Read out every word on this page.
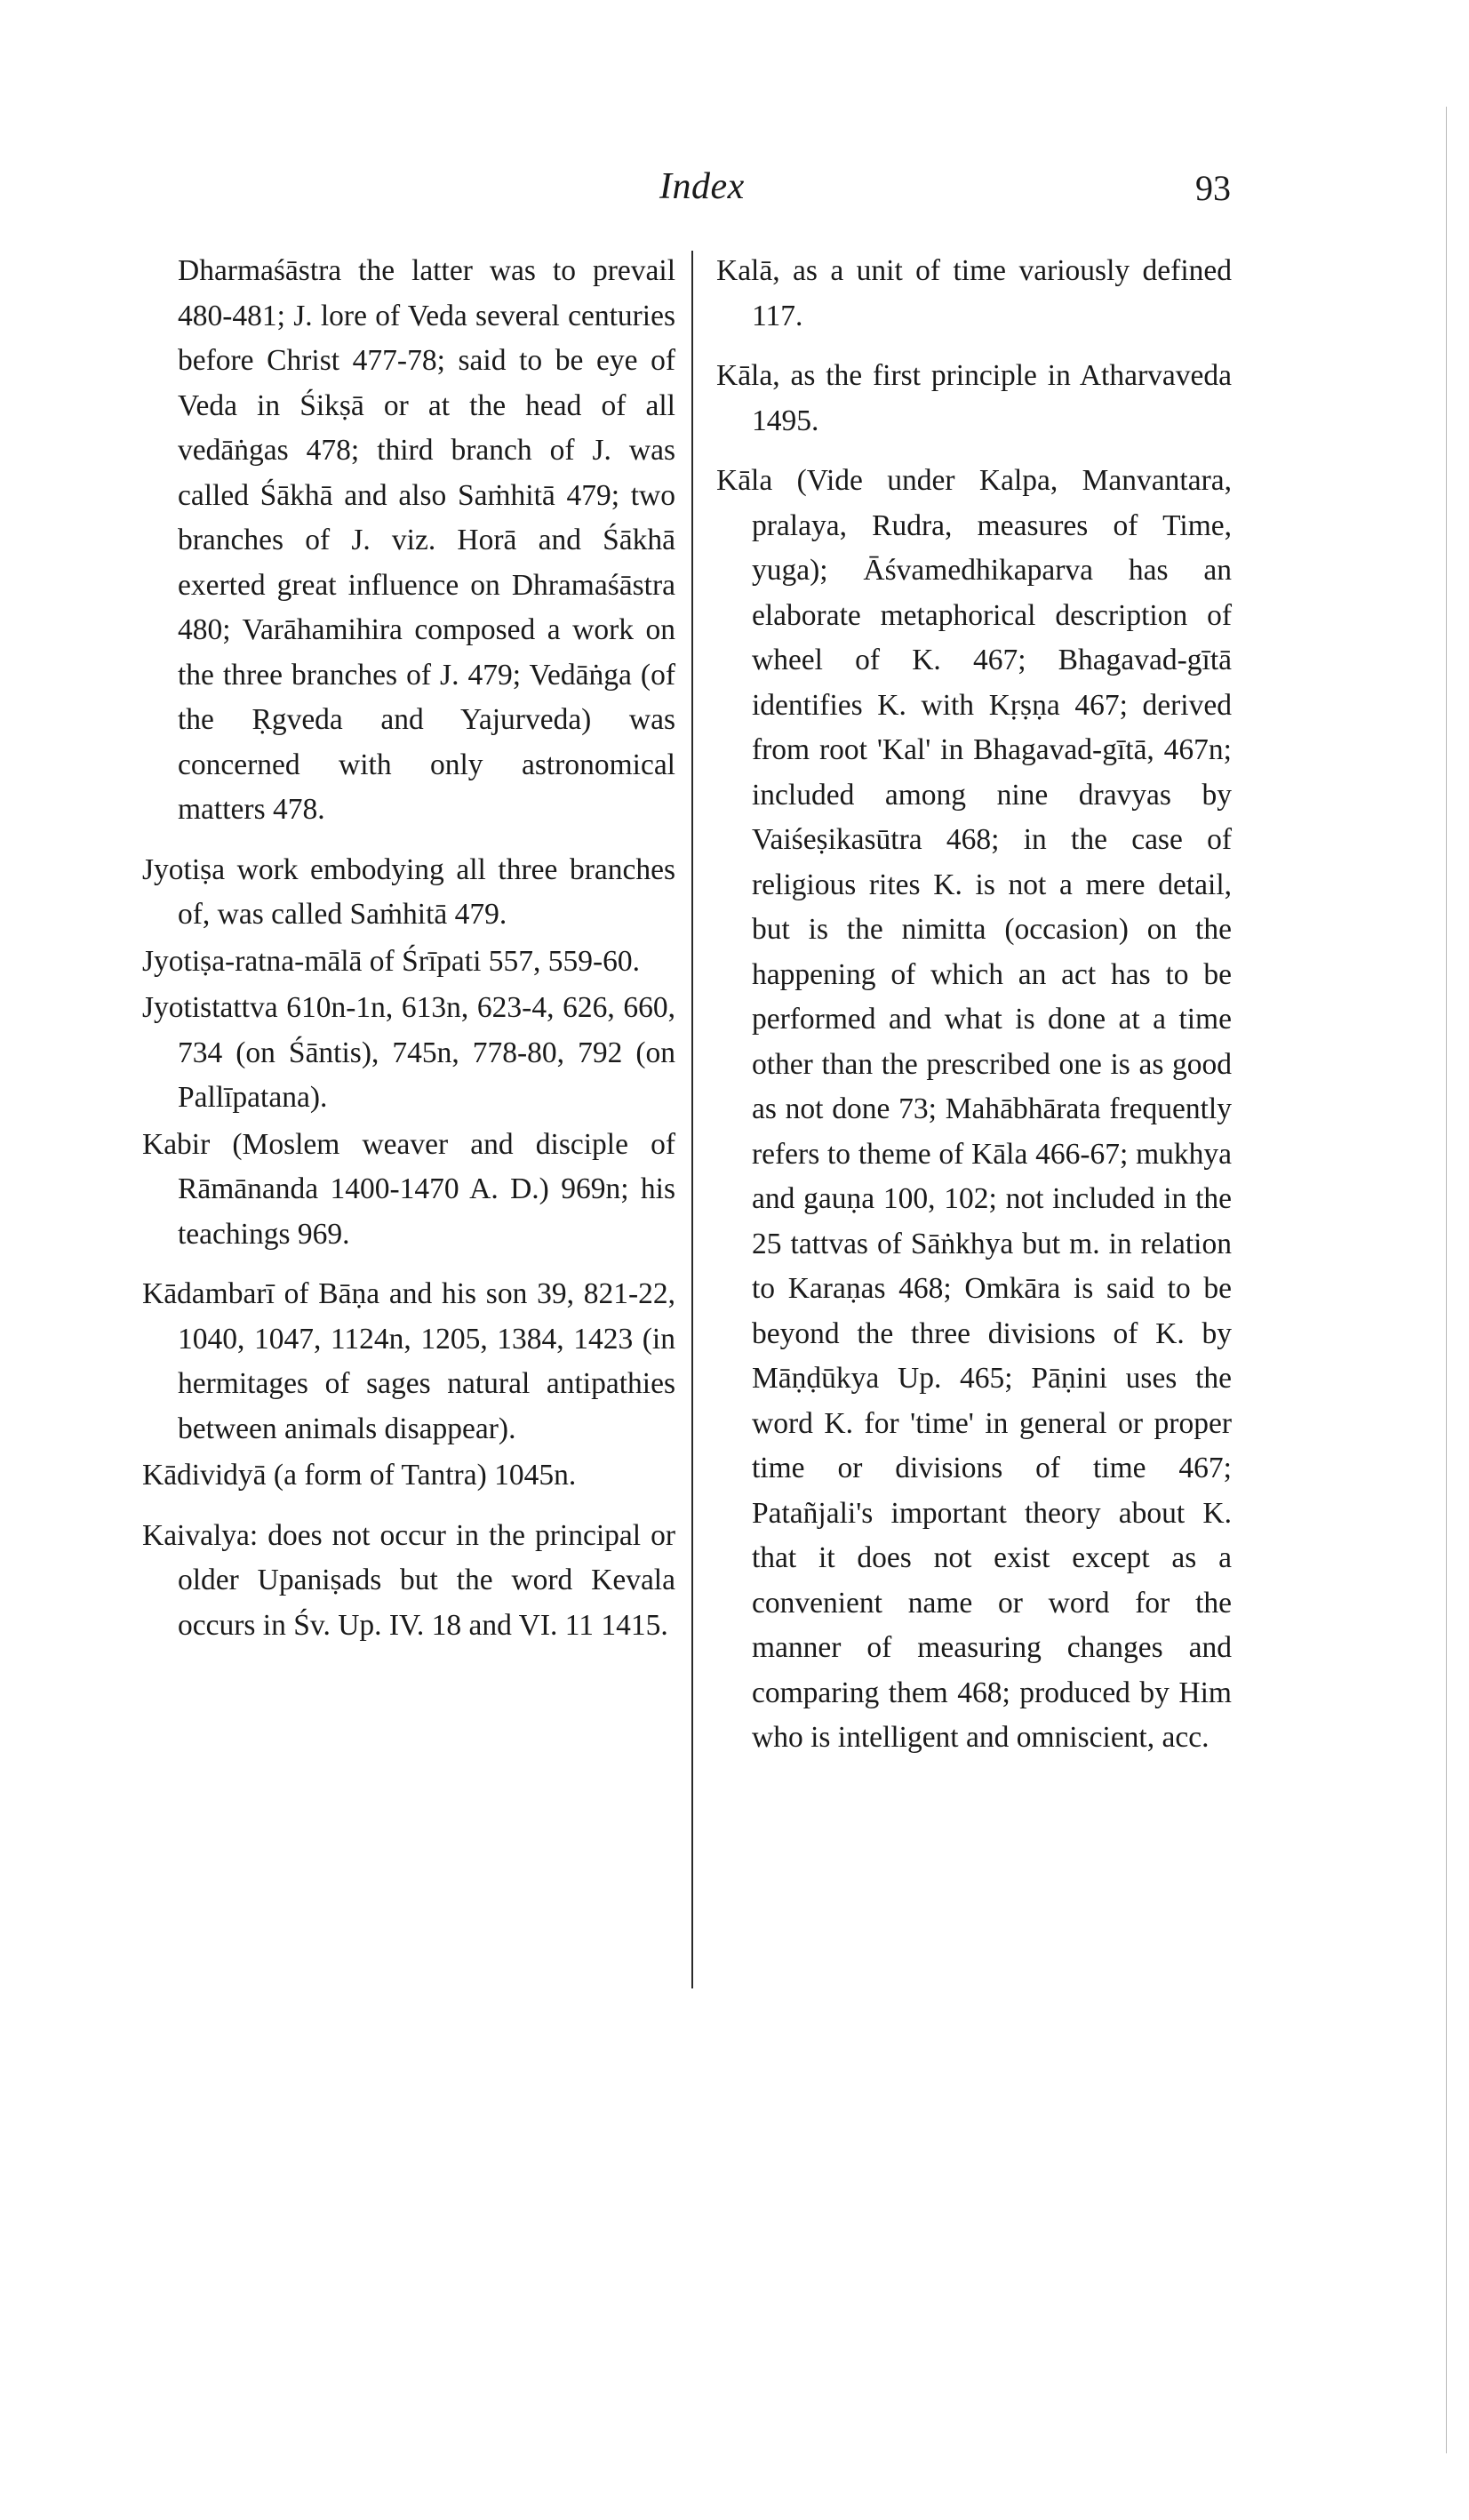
Index	93

Dharmaśāstra the latter was to prevail 480-481; J. lore of Veda several centuries before Christ 477-78; said to be eye of Veda in Śikṣā or at the head of all vedāṅgas 478; third branch of J. was called Śākhā and also Saṁhitā 479; two branches of J. viz. Horā and Śākhā exerted great influence on Dhramaśāstra 480; Varāhamihira composed a work on the three branches of J. 479; Vedāṅga (of the Ṛgveda and Yajurveda) was concerned with only astronomical matters 478.

Jyotiṣa work embodying all three branches of, was called Saṁhitā 479.

Jyotiṣa-ratna-mālā of Śrīpati 557, 559-60.

Jyotistattva 610n-1n, 613n, 623-4, 626, 660, 734 (on Śāntis), 745n, 778-80, 792 (on Pallīpatana).

Kabir (Moslem weaver and disciple of Rāmānanda 1400-1470 A. D.) 969n; his teachings 969.

Kādambarī of Bāṇa and his son 39, 821-22, 1040, 1047, 1124n, 1205, 1384, 1423 (in hermitages of sages natural antipathies between animals disappear).

Kādividyā (a form of Tantra) 1045n.

Kaivalya: does not occur in the principal or older Upaniṣads but the word Kevala occurs in Śv. Up. IV. 18 and VI. 11 1415.

Kalā, as a unit of time variously defined 117.

Kāla, as the first principle in Atharvaveda 1495.

Kāla (Vide under Kalpa, Manvantara, pralaya, Rudra, measures of Time, yuga); Āśvamedhikaparva has an elaborate metaphorical description of wheel of K. 467; Bhagavad-gītā identifies K. with Kṛṣṇa 467; derived from root 'Kal' in Bhagavad-gītā, 467n; included among nine dravyas by Vaiśeṣikasūtra 468; in the case of religious rites K. is not a mere detail, but is the nimitta (occasion) on the happening of which an act has to be performed and what is done at a time other than the prescribed one is as good as not done 73; Mahābhārata frequently refers to theme of Kāla 466-67; mukhya and gauṇa 100, 102; not included in the 25 tattvas of Sāṅkhya but m. in relation to Karaṇas 468; Omkāra is said to be beyond the three divisions of K. by Māṇḍūkya Up. 465; Pāṇini uses the word K. for 'time' in general or proper time or divisions of time 467; Patañjali's important theory about K. that it does not exist except as a convenient name or word for the manner of measuring changes and comparing them 468; produced by Him who is intelligent and omniscient, acc.
